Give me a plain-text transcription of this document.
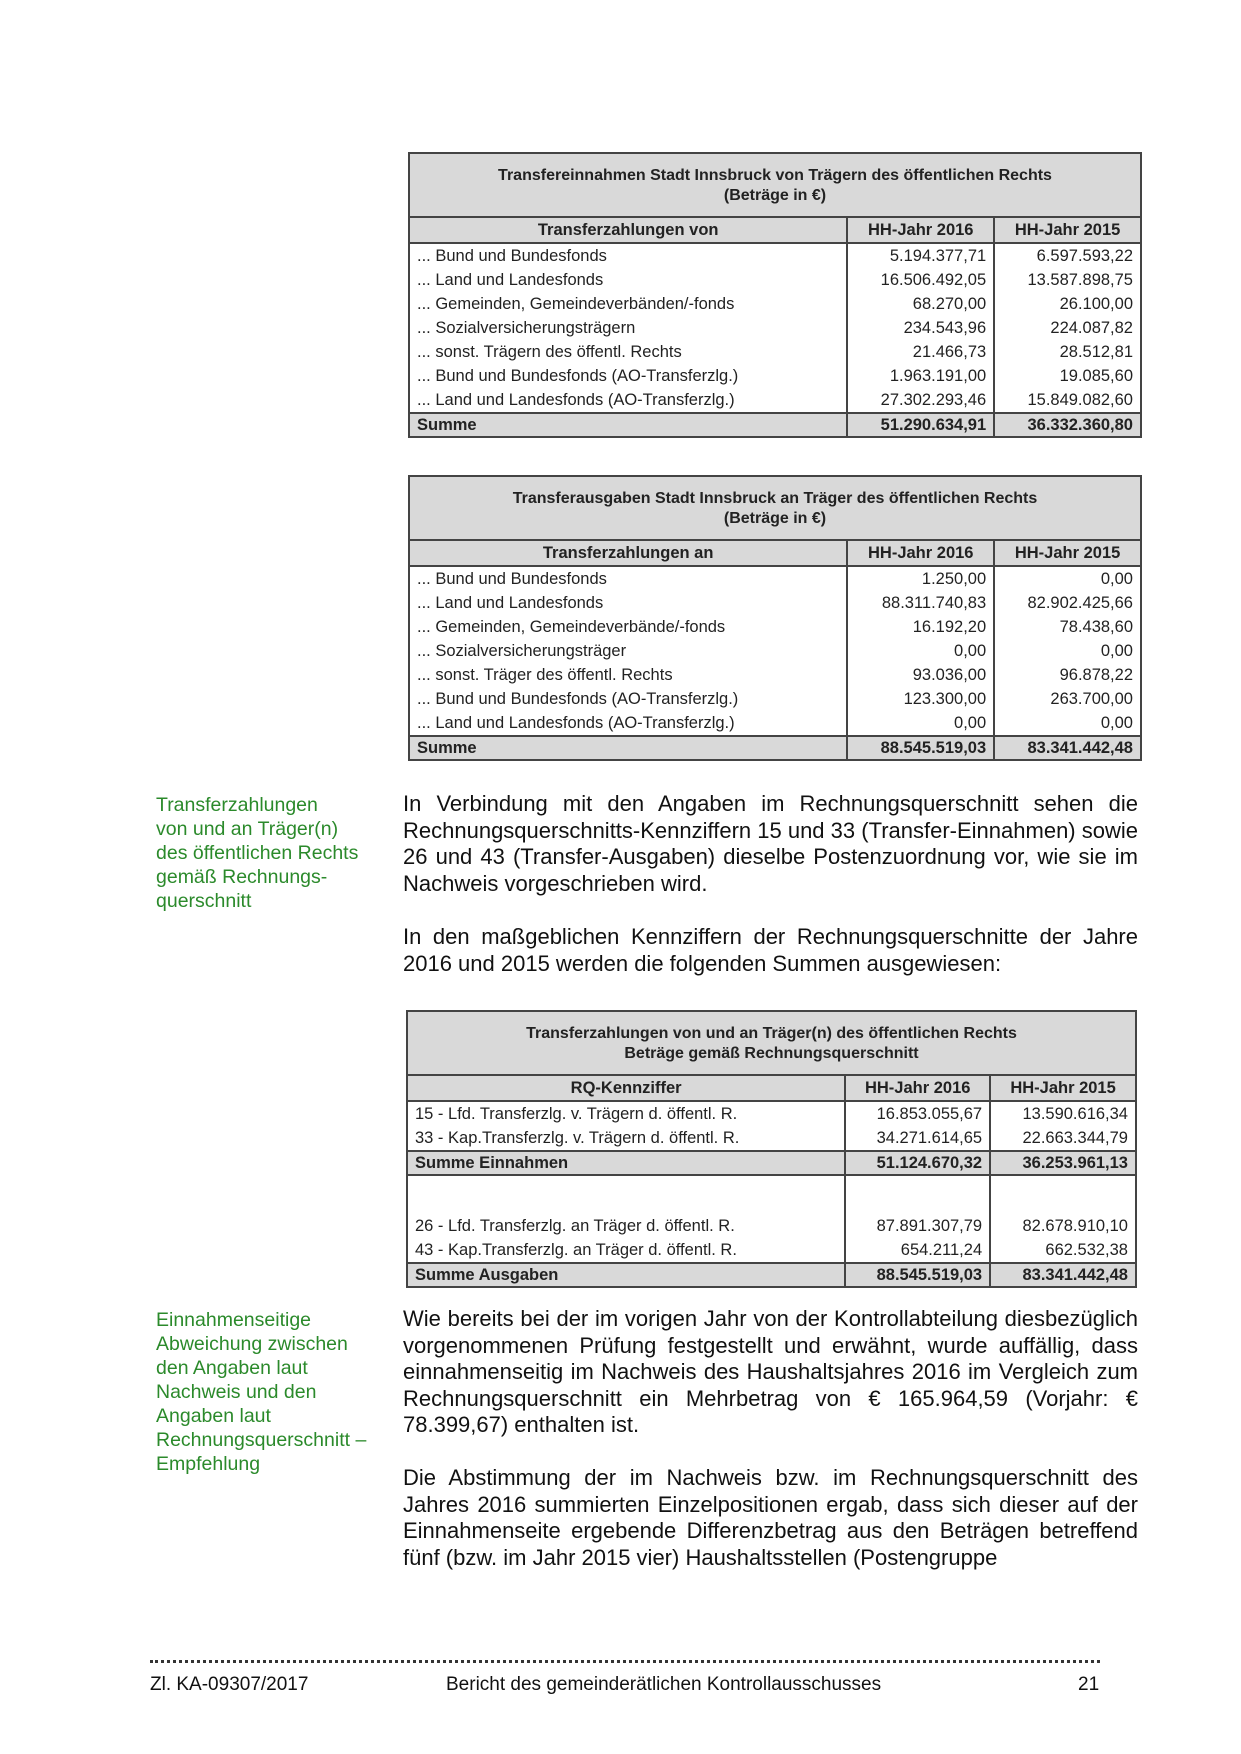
Transfereinnahmen Stadt Innsbruck von Trägern des öffentlichen Rechts
(Beträge in €)		
Transferzahlungen von	HH-Jahr 2016	HH-Jahr 2015
... Bund und Bundesfonds	5.194.377,71	6.597.593,22
... Land und Landesfonds	16.506.492,05	13.587.898,75
... Gemeinden, Gemeindeverbänden/-fonds	68.270,00	26.100,00
... Sozialversicherungsträgern	234.543,96	224.087,82
... sonst. Trägern des öffentl. Rechts	21.466,73	28.512,81
... Bund und Bundesfonds (AO-Transferzlg.)	1.963.191,00	19.085,60
... Land und Landesfonds (AO-Transferzlg.)	27.302.293,46	15.849.082,60
Summe	51.290.634,91	36.332.360,80
Transferausgaben Stadt Innsbruck an Träger des öffentlichen Rechts
(Beträge in €)		
Transferzahlungen an	HH-Jahr 2016	HH-Jahr 2015
... Bund und Bundesfonds	1.250,00	0,00
... Land und Landesfonds	88.311.740,83	82.902.425,66
... Gemeinden, Gemeindeverbände/-fonds	16.192,20	78.438,60
... Sozialversicherungsträger	0,00	0,00
... sonst. Träger des öffentl. Rechts	93.036,00	96.878,22
... Bund und Bundesfonds (AO-Transferzlg.)	123.300,00	263.700,00
... Land und Landesfonds (AO-Transferzlg.)	0,00	0,00
Summe	88.545.519,03	83.341.442,48
Transferzahlungen
von und an Träger(n)
des öffentlichen Rechts
gemäß Rechnungs-
querschnitt
In Verbindung mit den Angaben im Rechnungsquerschnitt sehen die Rechnungsquerschnitts-Kennziffern 15 und 33 (Transfer-Einnahmen) sowie 26 und 43 (Transfer-Ausgaben) dieselbe Postenzuordnung vor, wie sie im Nachweis vorgeschrieben wird.
In den maßgeblichen Kennziffern der Rechnungsquerschnitte der Jahre 2016 und 2015 werden die folgenden Summen ausgewiesen:
Transferzahlungen von und an Träger(n) des öffentlichen Rechts
Beträge gemäß Rechnungsquerschnitt		
RQ-Kennziffer	HH-Jahr 2016	HH-Jahr 2015
15 - Lfd. Transferzlg. v. Trägern d. öffentl. R.	16.853.055,67	13.590.616,34
33 - Kap.Transferzlg. v. Trägern d. öffentl. R.	34.271.614,65	22.663.344,79
Summe Einnahmen	51.124.670,32	36.253.961,13

26 - Lfd. Transferzlg. an Träger d. öffentl. R.	87.891.307,79	82.678.910,10
43 - Kap.Transferzlg. an Träger d. öffentl. R.	654.211,24	662.532,38
Summe Ausgaben	88.545.519,03	83.341.442,48
Einnahmenseitige
Abweichung zwischen
den Angaben laut
Nachweis und den
Angaben laut
Rechnungsquerschnitt –
Empfehlung
Wie bereits bei der im vorigen Jahr von der Kontrollabteilung diesbezüglich vorgenommenen Prüfung festgestellt und erwähnt, wurde auffällig, dass einnahmenseitig im Nachweis des Haushaltsjahres 2016 im Vergleich zum Rechnungsquerschnitt ein Mehrbetrag von € 165.964,59 (Vorjahr: € 78.399,67) enthalten ist.
Die Abstimmung der im Nachweis bzw. im Rechnungsquerschnitt des Jahres 2016 summierten Einzelpositionen ergab, dass sich dieser auf der Einnahmenseite ergebende Differenzbetrag aus den Beträgen betreffend fünf (bzw. im Jahr 2015 vier) Haushaltsstellen (Postengruppe
Zl. KA-09307/2017	Bericht des gemeinderätlichen Kontrollausschusses	21
